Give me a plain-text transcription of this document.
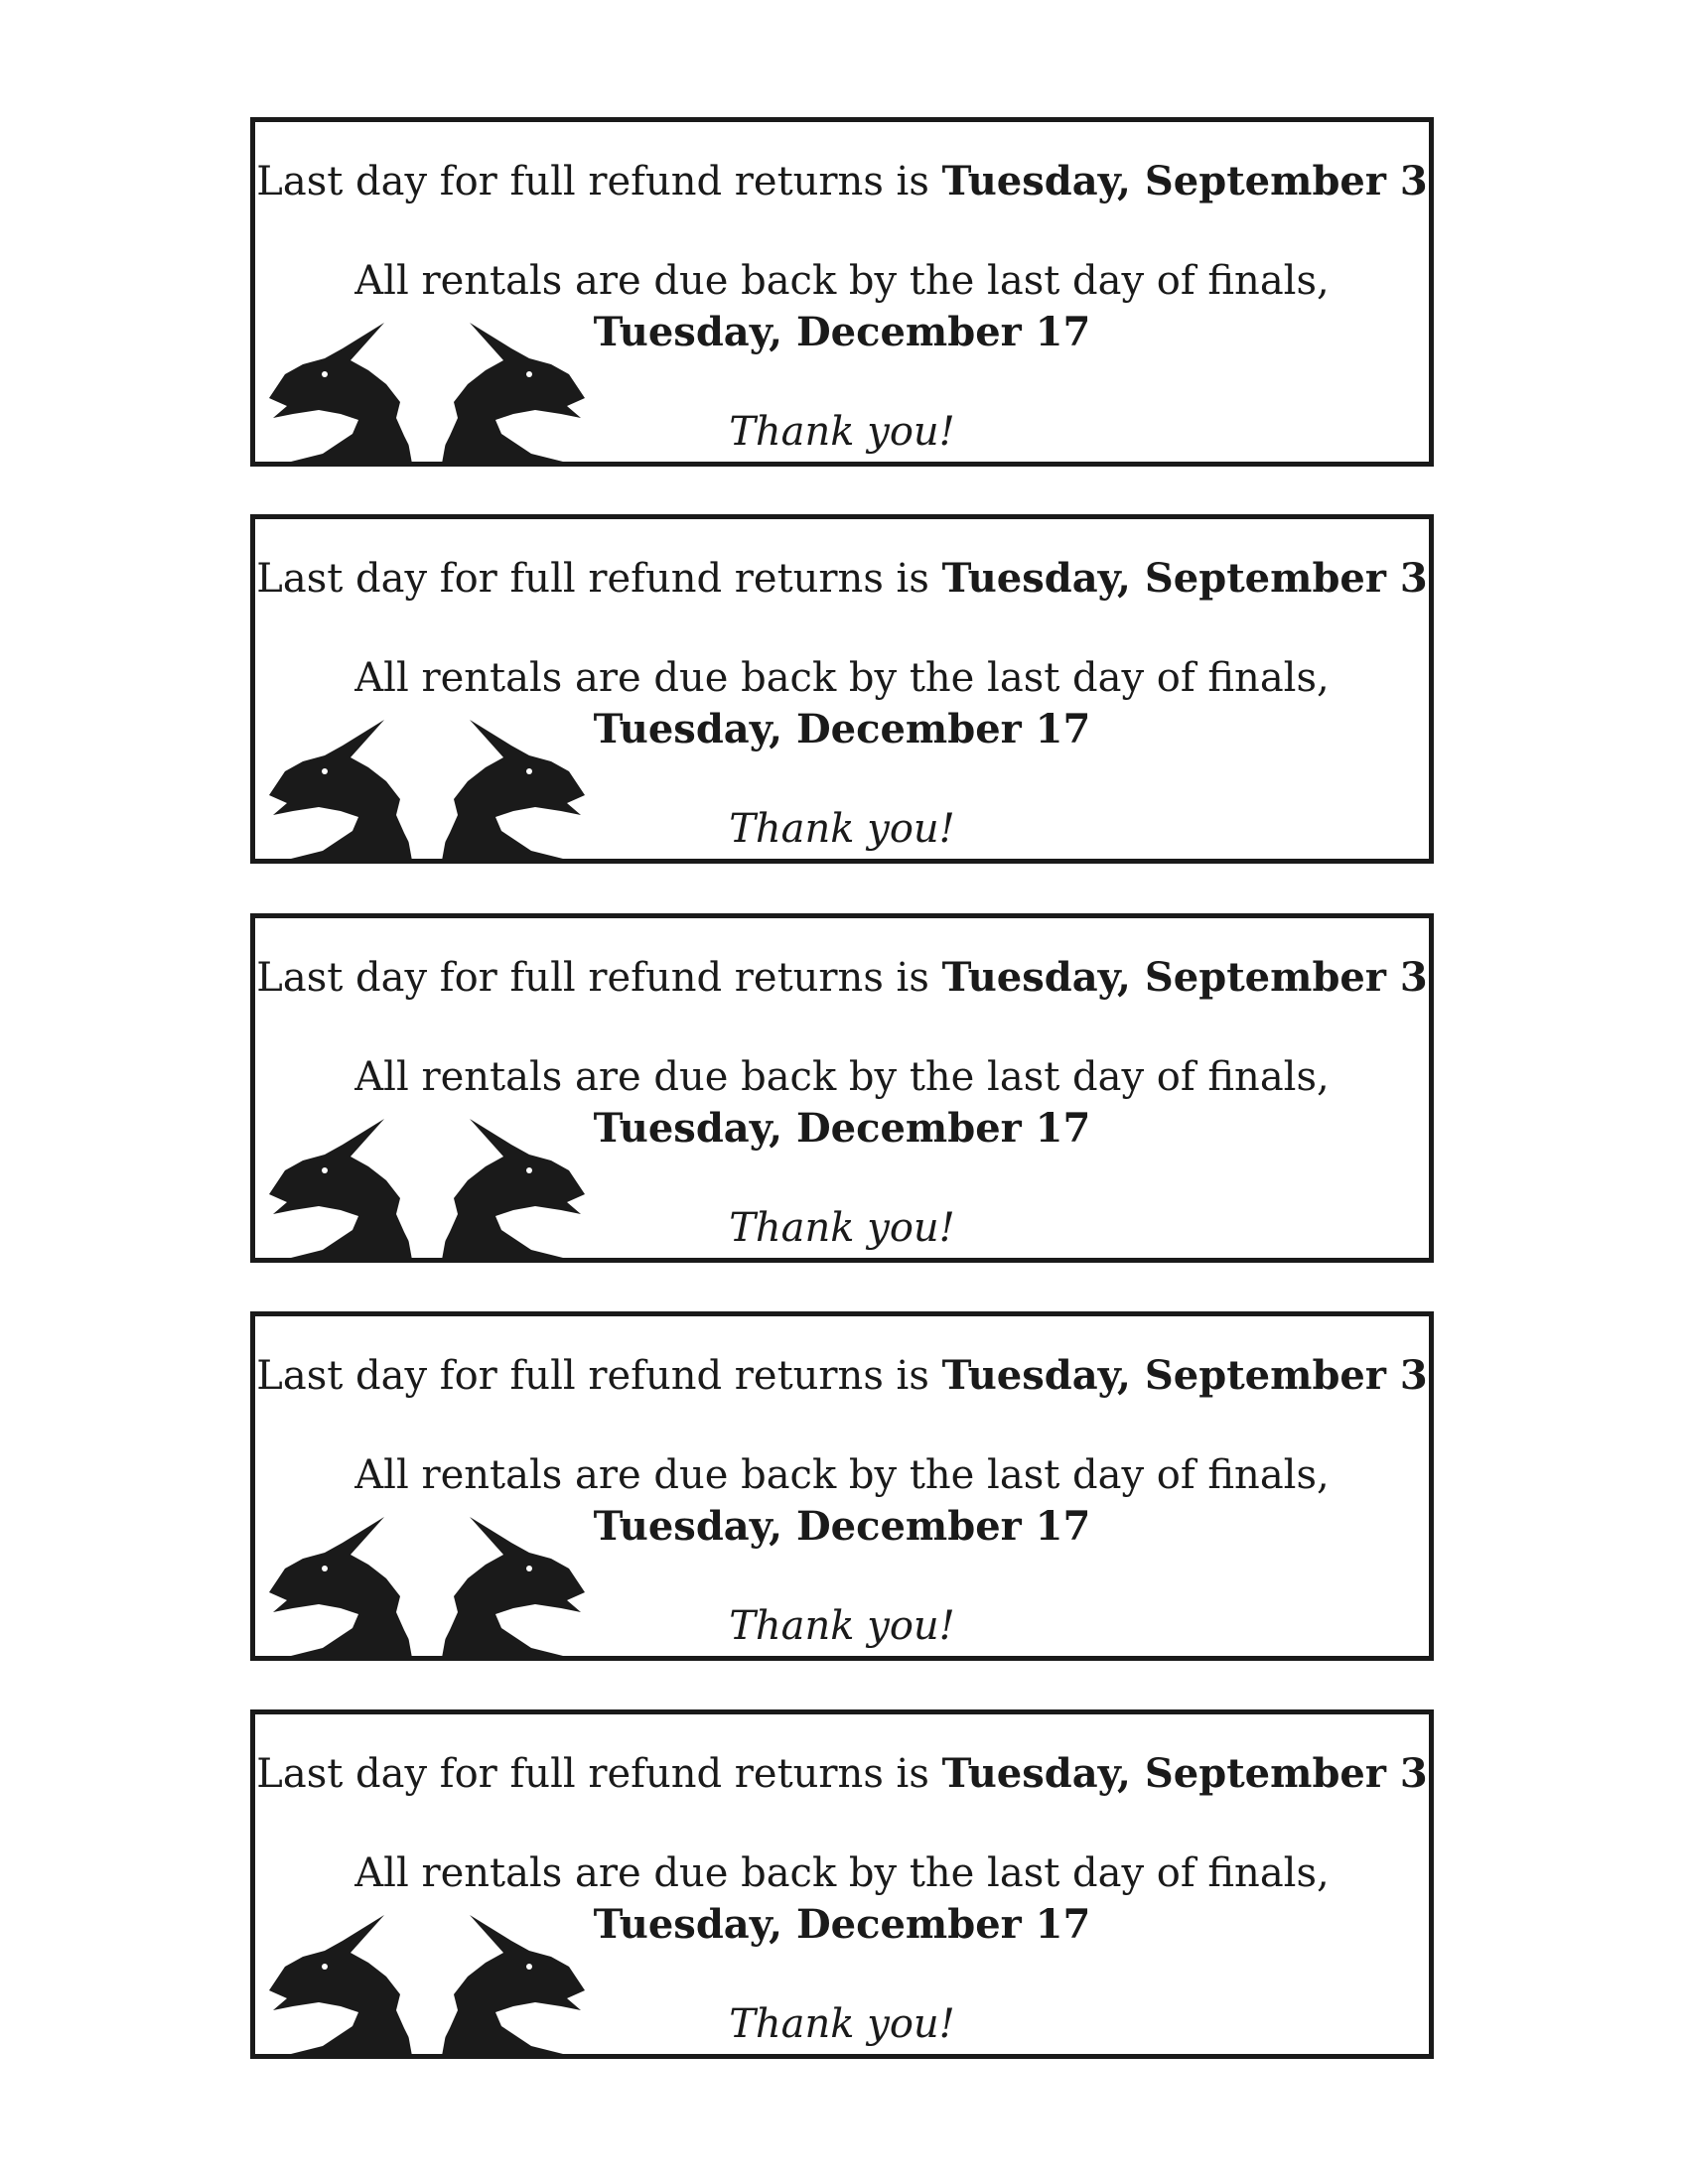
Last day for full refund returns is Tuesday, September 3
All rentals are due back by the last day of finals,
Tuesday, December 17
Thank you!
Last day for full refund returns is Tuesday, September 3
All rentals are due back by the last day of finals,
Tuesday, December 17
Thank you!
Last day for full refund returns is Tuesday, September 3
All rentals are due back by the last day of finals,
Tuesday, December 17
Thank you!
Last day for full refund returns is Tuesday, September 3
All rentals are due back by the last day of finals,
Tuesday, December 17
Thank you!
Last day for full refund returns is Tuesday, September 3
All rentals are due back by the last day of finals,
Tuesday, December 17
Thank you!
